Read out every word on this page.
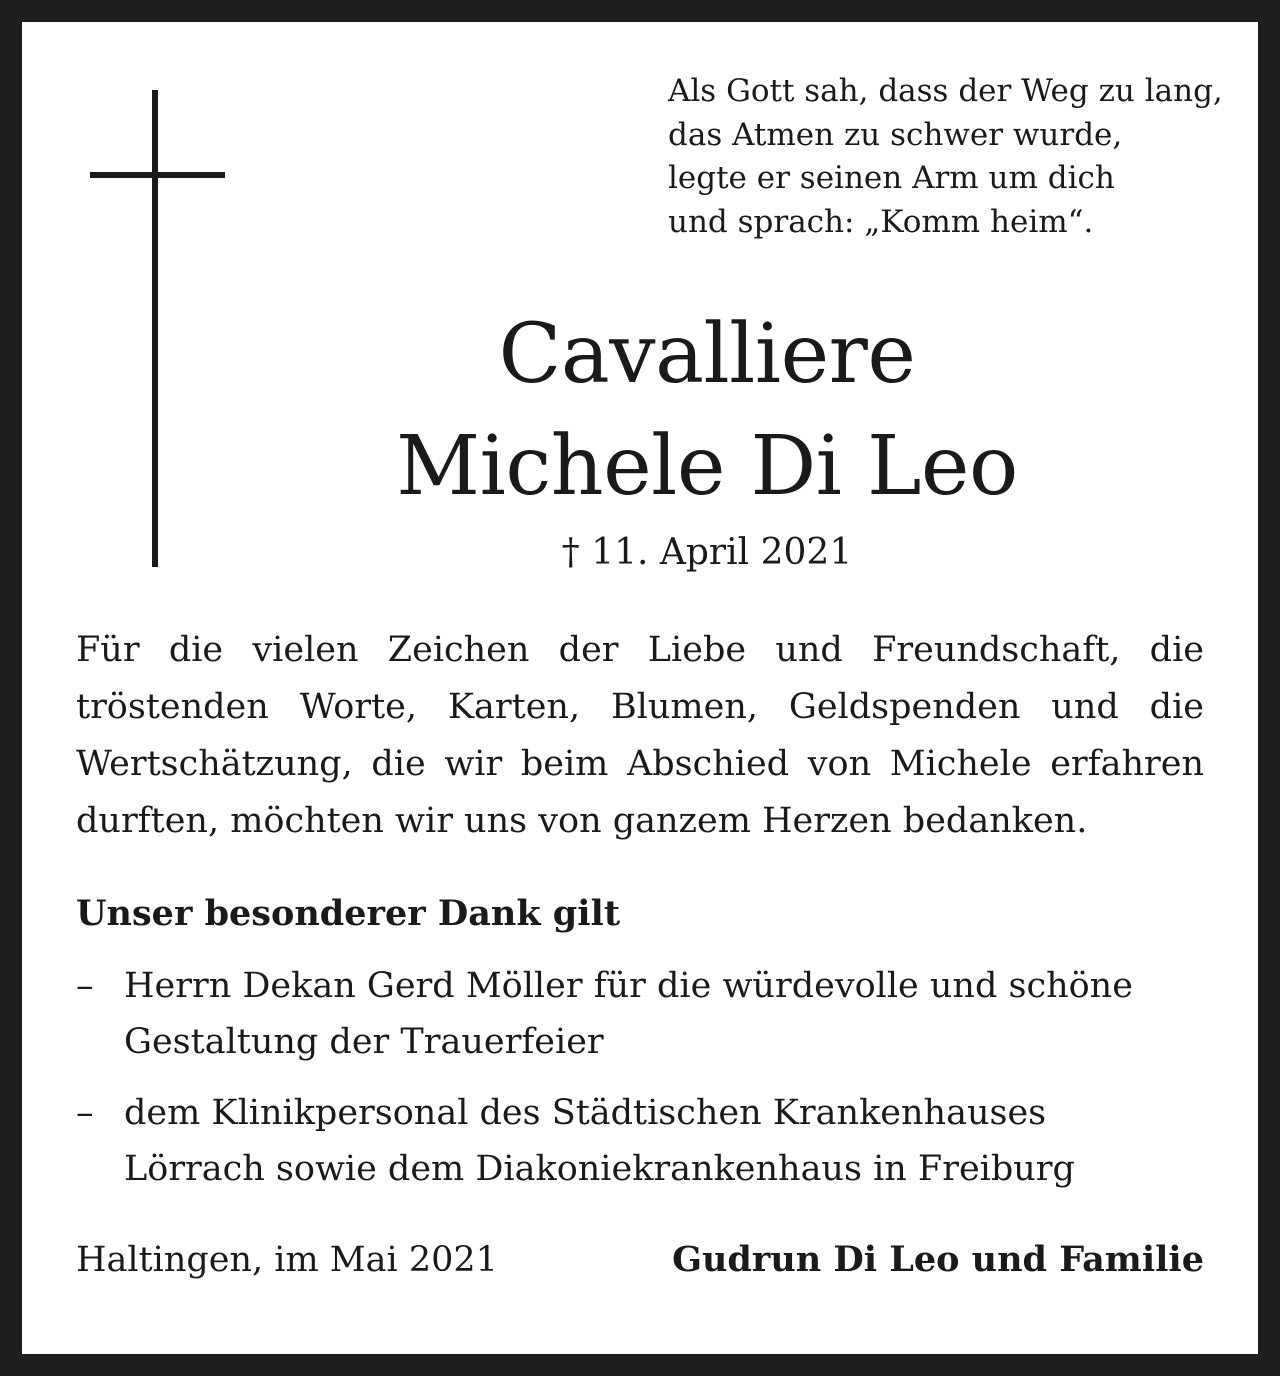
Als Gott sah, dass der Weg zu lang,
das Atmen zu schwer wurde,
legte er seinen Arm um dich
und sprach: „Komm heim“.
Cavalliere
Michele Di Leo
† 11. April 2021
Für die vielen Zeichen der Liebe und Freundschaft, die
tröstenden Worte, Karten, Blumen, Geldspenden und die
Wertschätzung, die wir beim Abschied von Michele erfahren
durften, möchten wir uns von ganzem Herzen bedanken.
Unser besonderer Dank gilt
– Herrn Dekan Gerd Möller für die würdevolle und schöne
Gestaltung der Trauerfeier
– dem Klinikpersonal des Städtischen Krankenhauses
Lörrach sowie dem Diakoniekrankenhaus in Freiburg
Haltingen, im Mai 2021	Gudrun Di Leo und Familie
